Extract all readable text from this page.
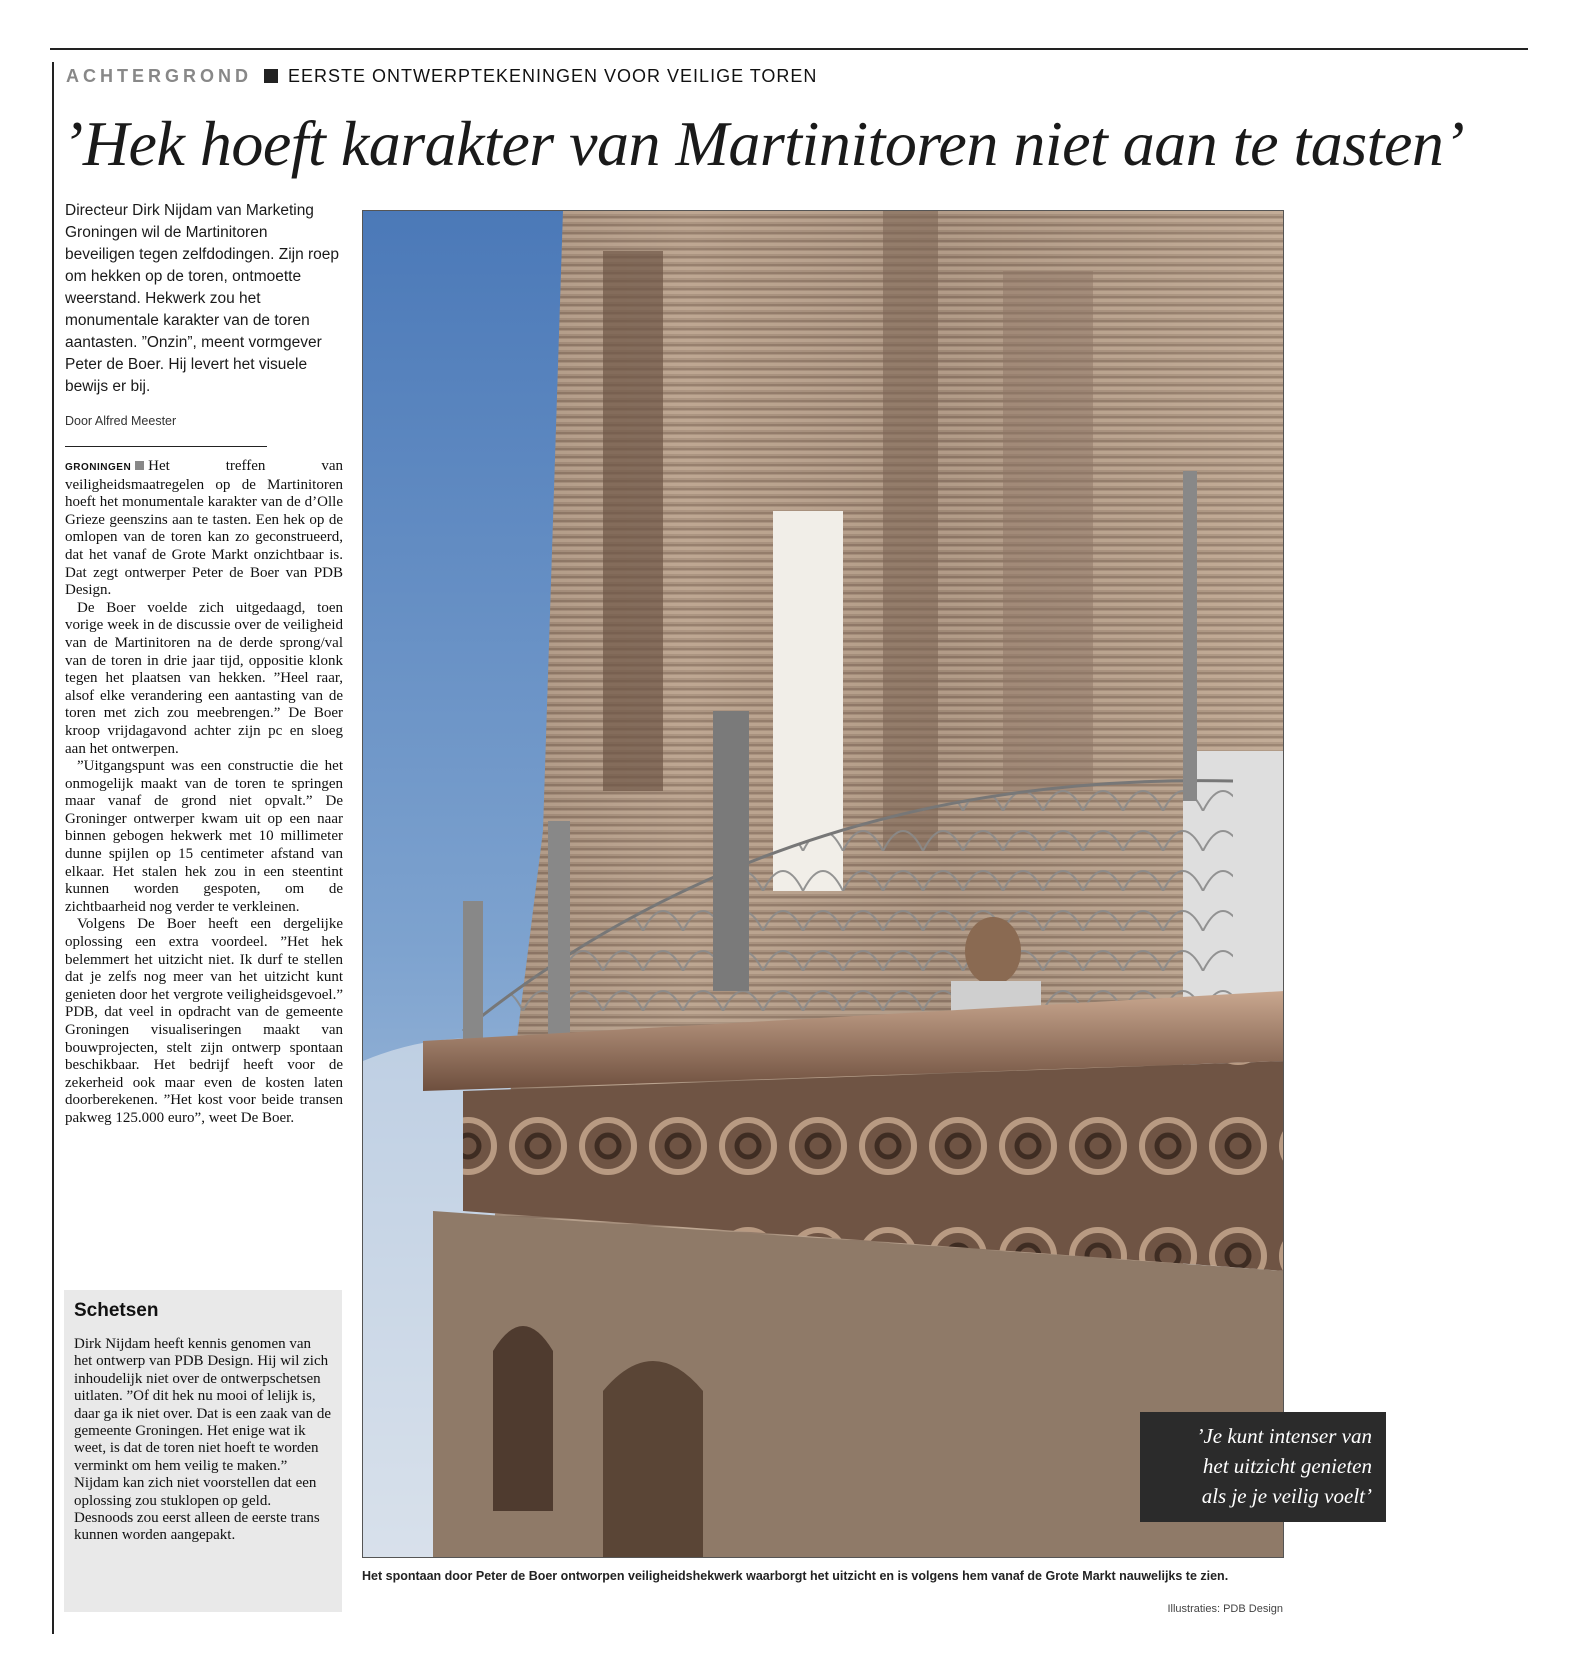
ACHTERGROND EERSTE ONTWERPTEKENINGEN VOOR VEILIGE TOREN
’Hek hoeft karakter van Martinitoren niet aan te tasten’
Directeur Dirk Nijdam van Marketing Groningen wil de Martinitoren beveiligen tegen zelfdodingen. Zijn roep om hekken op de toren, ontmoette weerstand. Hekwerk zou het monumentale karakter van de toren aantasten. ”Onzin”, meent vormgever Peter de Boer. Hij levert het visuele bewijs er bij.
Door Alfred Meester

GRONINGEN Het treffen van veiligheidsmaatregelen op de Martinitoren hoeft het monumentale karakter van de d’Olle Grieze geenszins aan te tasten. Een hek op de omlopen van de toren kan zo geconstrueerd, dat het vanaf de Grote Markt onzichtbaar is. Dat zegt ontwerper Peter de Boer van PDB Design.

De Boer voelde zich uitgedaagd, toen vorige week in de discussie over de veiligheid van de Martinitoren na de derde sprong/val van de toren in drie jaar tijd, oppositie klonk tegen het plaatsen van hekken. ”Heel raar, alsof elke verandering een aantasting van de toren met zich zou meebrengen.” De Boer kroop vrijdagavond achter zijn pc en sloeg aan het ontwerpen.

”Uitgangspunt was een constructie die het onmogelijk maakt van de toren te springen maar vanaf de grond niet opvalt.” De Groninger ontwerper kwam uit op een naar binnen gebogen hekwerk met 10 millimeter dunne spijlen op 15 centimeter afstand van elkaar. Het stalen hek zou in een steentint kunnen worden gespoten, om de zichtbaarheid nog verder te verkleinen.

Volgens De Boer heeft een dergelijke oplossing een extra voordeel. ”Het hek belemmert het uitzicht niet. Ik durf te stellen dat je zelfs nog meer van het uitzicht kunt genieten door het vergrote veiligheidsgevoel.” PDB, dat veel in opdracht van de gemeente Groningen visualiseringen maakt van bouwprojecten, stelt zijn ontwerp spontaan beschikbaar. Het bedrijf heeft voor de zekerheid ook maar even de kosten laten doorberekenen. ”Het kost voor beide transen pakweg 125.000 euro”, weet De Boer.

Schetsen
Dirk Nijdam heeft kennis genomen van het ontwerp van PDB Design. Hij wil zich inhoudelijk niet over de ontwerpschetsen uitlaten. ”Of dit hek nu mooi of lelijk is, daar ga ik niet over. Dat is een zaak van de gemeente Groningen. Het enige wat ik weet, is dat de toren niet hoeft te worden verminkt om hem veilig te maken.” Nijdam kan zich niet voorstellen dat een oplossing zou stuklopen op geld. Desnoods zou eerst alleen de eerste trans kunnen worden aangepakt.
’Je kunt intenser van
het uitzicht genieten
als je je veilig voelt’
Het spontaan door Peter de Boer ontworpen veiligheidshekwerk waarborgt het uitzicht en is volgens hem vanaf de Grote Markt nauwelijks te zien.
Illustraties: PDB Design
